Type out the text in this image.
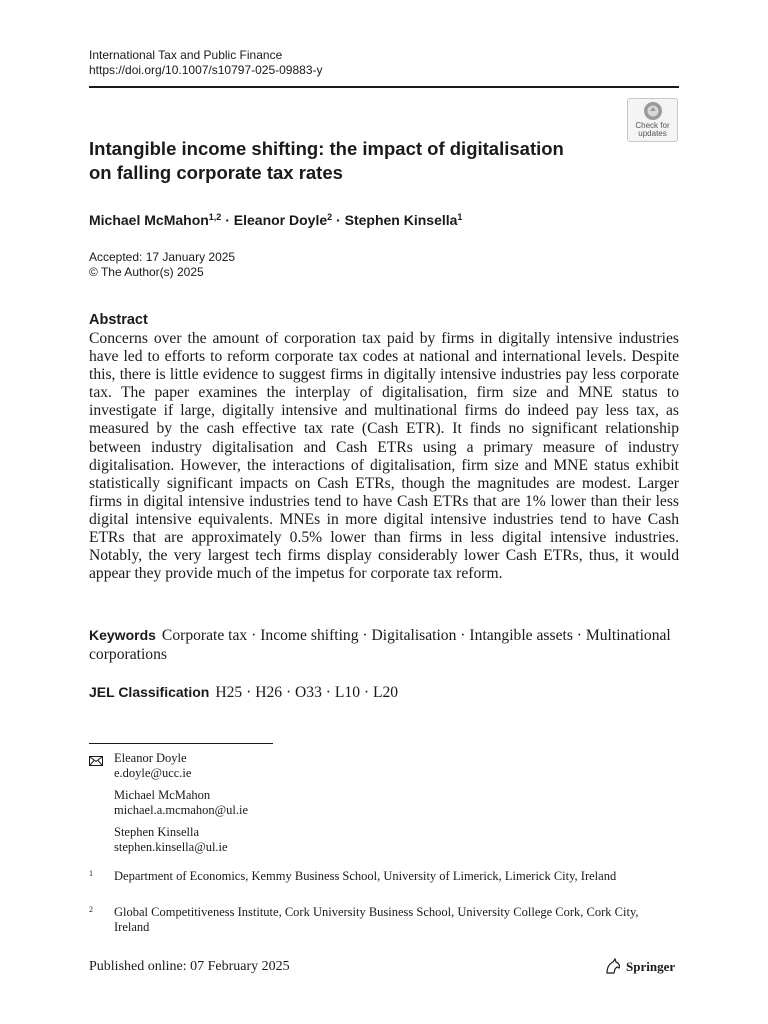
International Tax and Public Finance
https://doi.org/10.1007/s10797-025-09883-y
Check for updates
Intangible income shifting: the impact of digitalisation
on falling corporate tax rates
Michael McMahon$^{1,2}$ · Eleanor Doyle$^2$ · Stephen Kinsella$^1$
Accepted: 17 January 2025
© The Author(s) 2025
Abstract
Concerns over the amount of corporation tax paid by firms in digitally intensive industries have led to efforts to reform corporate tax codes at national and international levels. Despite this, there is little evidence to suggest firms in digitally intensive industries pay less corporate tax. The paper examines the interplay of digitalisation, firm size and MNE status to investigate if large, digitally intensive and multinational firms do indeed pay less tax, as measured by the cash effective tax rate (Cash ETR). It finds no significant relationship between industry digitalisation and Cash ETRs using a primary measure of industry digitalisation. However, the interactions of digitalisation, firm size and MNE status exhibit statistically significant impacts on Cash ETRs, though the magnitudes are modest. Larger firms in digital intensive industries tend to have Cash ETRs that are 1% lower than their less digital intensive equivalents. MNEs in more digital intensive industries tend to have Cash ETRs that are approximately 0.5% lower than firms in less digital intensive industries. Notably, the very largest tech firms display considerably lower Cash ETRs, thus, it would appear they provide much of the impetus for corporate tax reform.
Keywords Corporate tax · Income shifting · Digitalisation · Intangible assets · Multinational corporations
JEL Classification H25 · H26 · O33 · L10 · L20
Eleanor Doyle
e.doyle@ucc.ie
Michael McMahon
michael.a.mcmahon@ul.ie
Stephen Kinsella
stephen.kinsella@ul.ie
1 Department of Economics, Kemmy Business School, University of Limerick, Limerick City, Ireland
2 Global Competitiveness Institute, Cork University Business School, University College Cork, Cork City, Ireland
Published online: 07 February 2025	Springer
